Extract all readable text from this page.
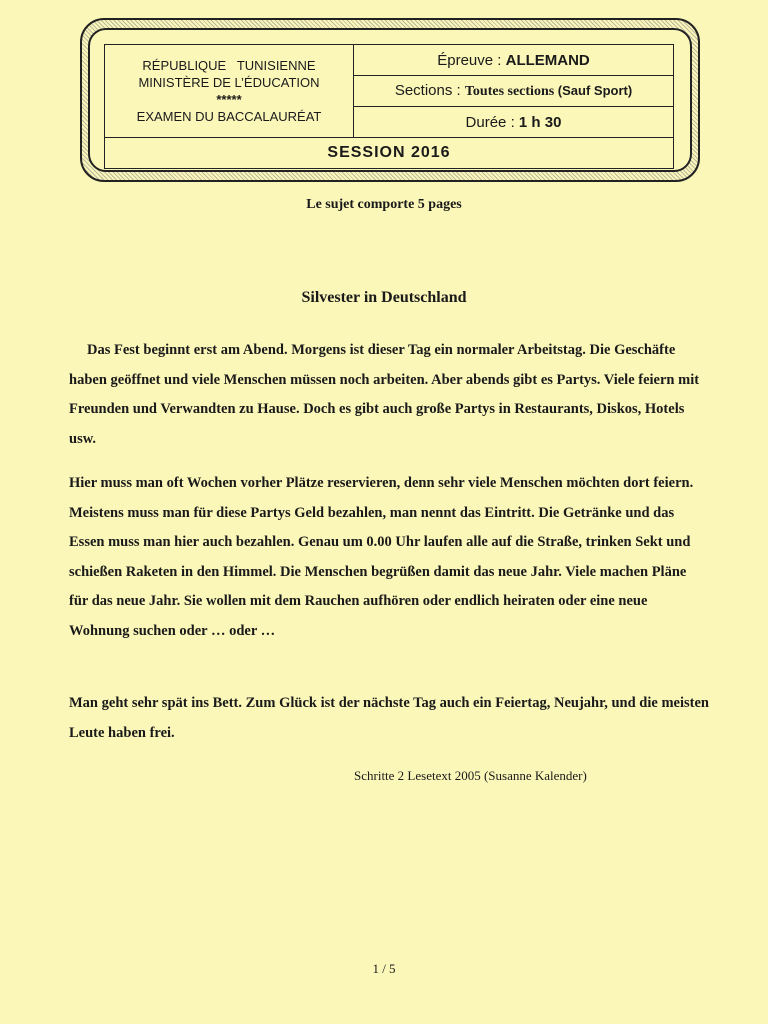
RÉPUBLIQUE   TUNISIENNE
MINISTÈRE DE L’ÉDUCATION
*****
EXAMEN DU BACCALAURÉAT
	Épreuve : ALLEMAND
Sections : Toutes sections (Sauf Sport)
Durée : 1 h 30
SESSION 2016
Le sujet comporte 5 pages
Silvester in Deutschland
Das Fest beginnt erst am Abend. Morgens ist dieser Tag ein normaler Arbeitstag. Die Geschäfte haben geöffnet und viele Menschen müssen noch arbeiten. Aber abends gibt es Partys. Viele feiern mit Freunden und Verwandten zu Hause. Doch es gibt auch große Partys in Restaurants, Diskos, Hotels usw.
Hier muss man oft Wochen vorher Plätze reservieren, denn sehr viele Menschen möchten dort feiern. Meistens muss man für diese Partys Geld bezahlen, man nennt das Eintritt. Die Getränke und das Essen muss man hier auch bezahlen. Genau um 0.00 Uhr laufen alle auf die Straße, trinken Sekt und schießen Raketen in den Himmel. Die Menschen begrüßen damit das neue Jahr. Viele machen Pläne für das neue Jahr. Sie wollen mit dem Rauchen aufhören oder endlich heiraten oder eine neue Wohnung suchen oder … oder …
Man geht sehr spät ins Bett. Zum Glück ist der nächste Tag auch ein Feiertag, Neujahr, und die meisten Leute haben frei.
Schritte 2 Lesetext 2005 (Susanne Kalender)
1 / 5
